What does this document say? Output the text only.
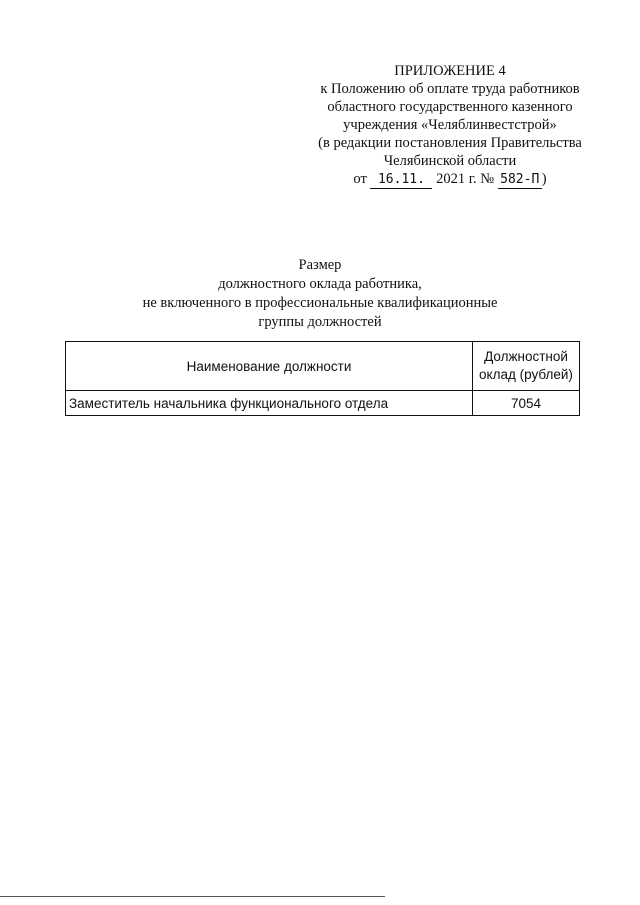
ПРИЛОЖЕНИЕ 4
к Положению об оплате труда работников
областного государственного казенного
учреждения «Челяблинвестстрой»
(в редакции постановления Правительства
Челябинской области
от 16.11. 2021 г. № 582-П )
Размер
должностного оклада работника,
не включенного в профессиональные квалификационные
группы должностей
Наименование должности	Должностной
оклад (рублей)
Заместитель начальника функционального отдела	7054
